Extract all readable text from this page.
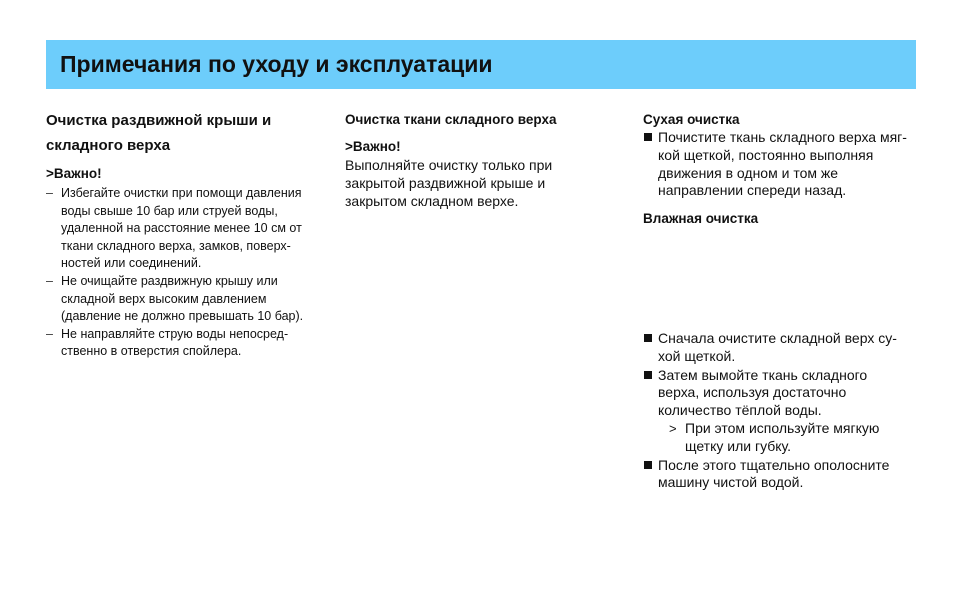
Примечания по уходу и эксплуатации
Очистка раздвижной крыши и складного верха
>Важно!
– Избегайте очистки при помощи давления воды свыше 10 бар или струей воды, удаленной на расстояние менее 10 см от ткани складного верха, замков, поверх- ностей или соединений.
– Не очищайте раздвижную крышу или складной верх высоким давлением (давление не должно превышать 10 бар).
– Не направляйте струю воды непосред- ственно в отверстия спойлера.
Очистка ткани складного верха
>Важно!

Выполняйте очистку только при закрытой раздвижной крыше и закрытом складном верхе.

Сухая очистка
Почистите ткань складного верха мяг- кой щеткой, постоянно выполняя движения в одном и том же направлении спереди назад.
Влажная очистка
Сначала очистите складной верх су- хой щеткой.
Затем вымойте ткань складного верха, используя достаточно количество тёплой воды.
> При этом используйте мягкую щетку или губку.
После этого тщательно ополосните машину чистой водой.
